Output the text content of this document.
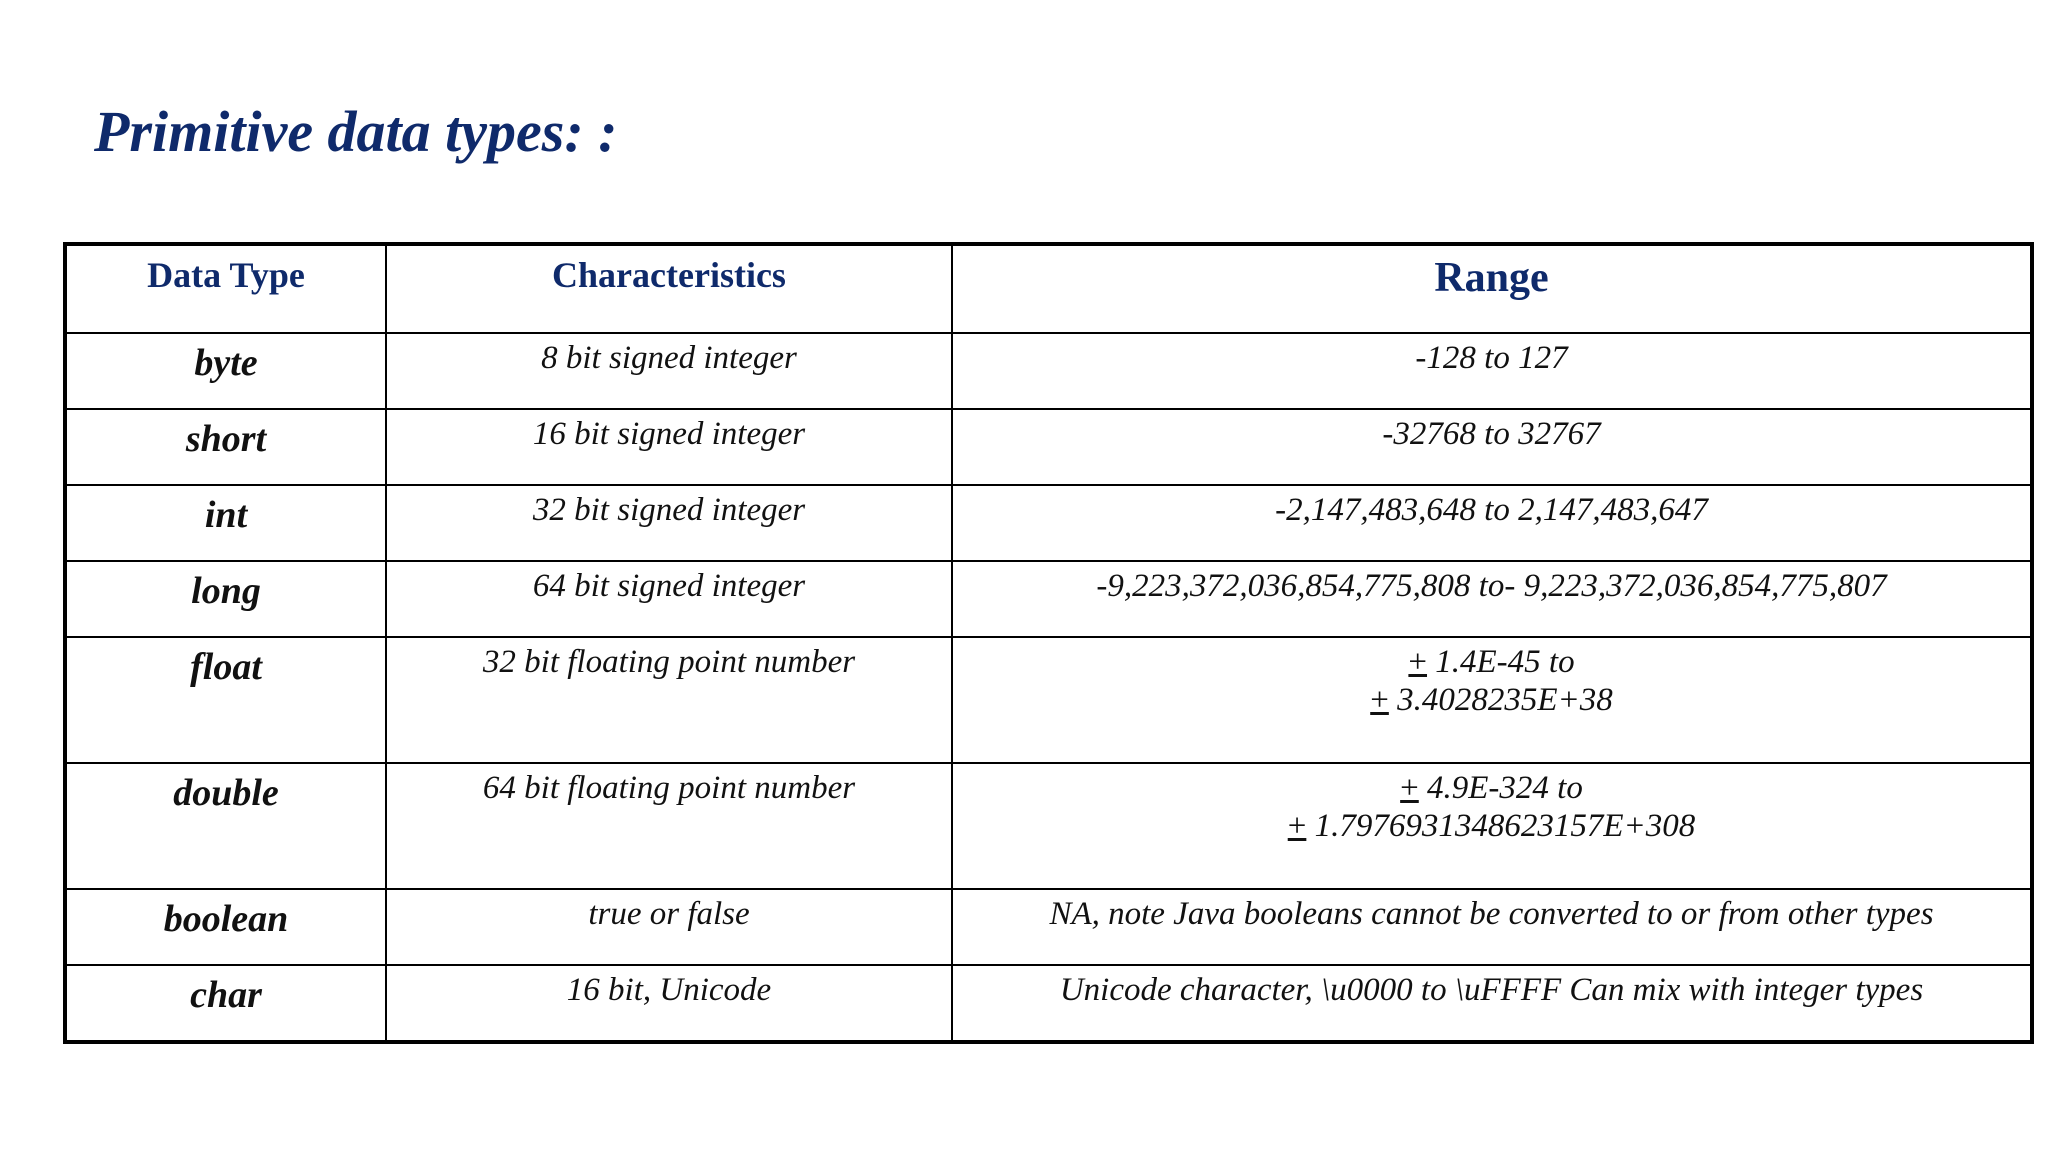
Primitive data types: :
Data Type	Characteristics	Range
byte	8 bit signed integer	-128 to 127
short	16 bit signed integer	-32768 to 32767
int	32 bit signed integer	-2,147,483,648 to 2,147,483,647
long	64 bit signed integer	-9,223,372,036,854,775,808 to- 9,223,372,036,854,775,807
float	32 bit floating point number	+ 1.4E-45 to
+ 3.4028235E+38

double	64 bit floating point number	+ 4.9E-324 to
+ 1.7976931348623157E+308

boolean	true or false	NA, note Java booleans cannot be converted to or from other types
char	16 bit, Unicode	Unicode character, \u0000 to \uFFFF Can mix with integer types
